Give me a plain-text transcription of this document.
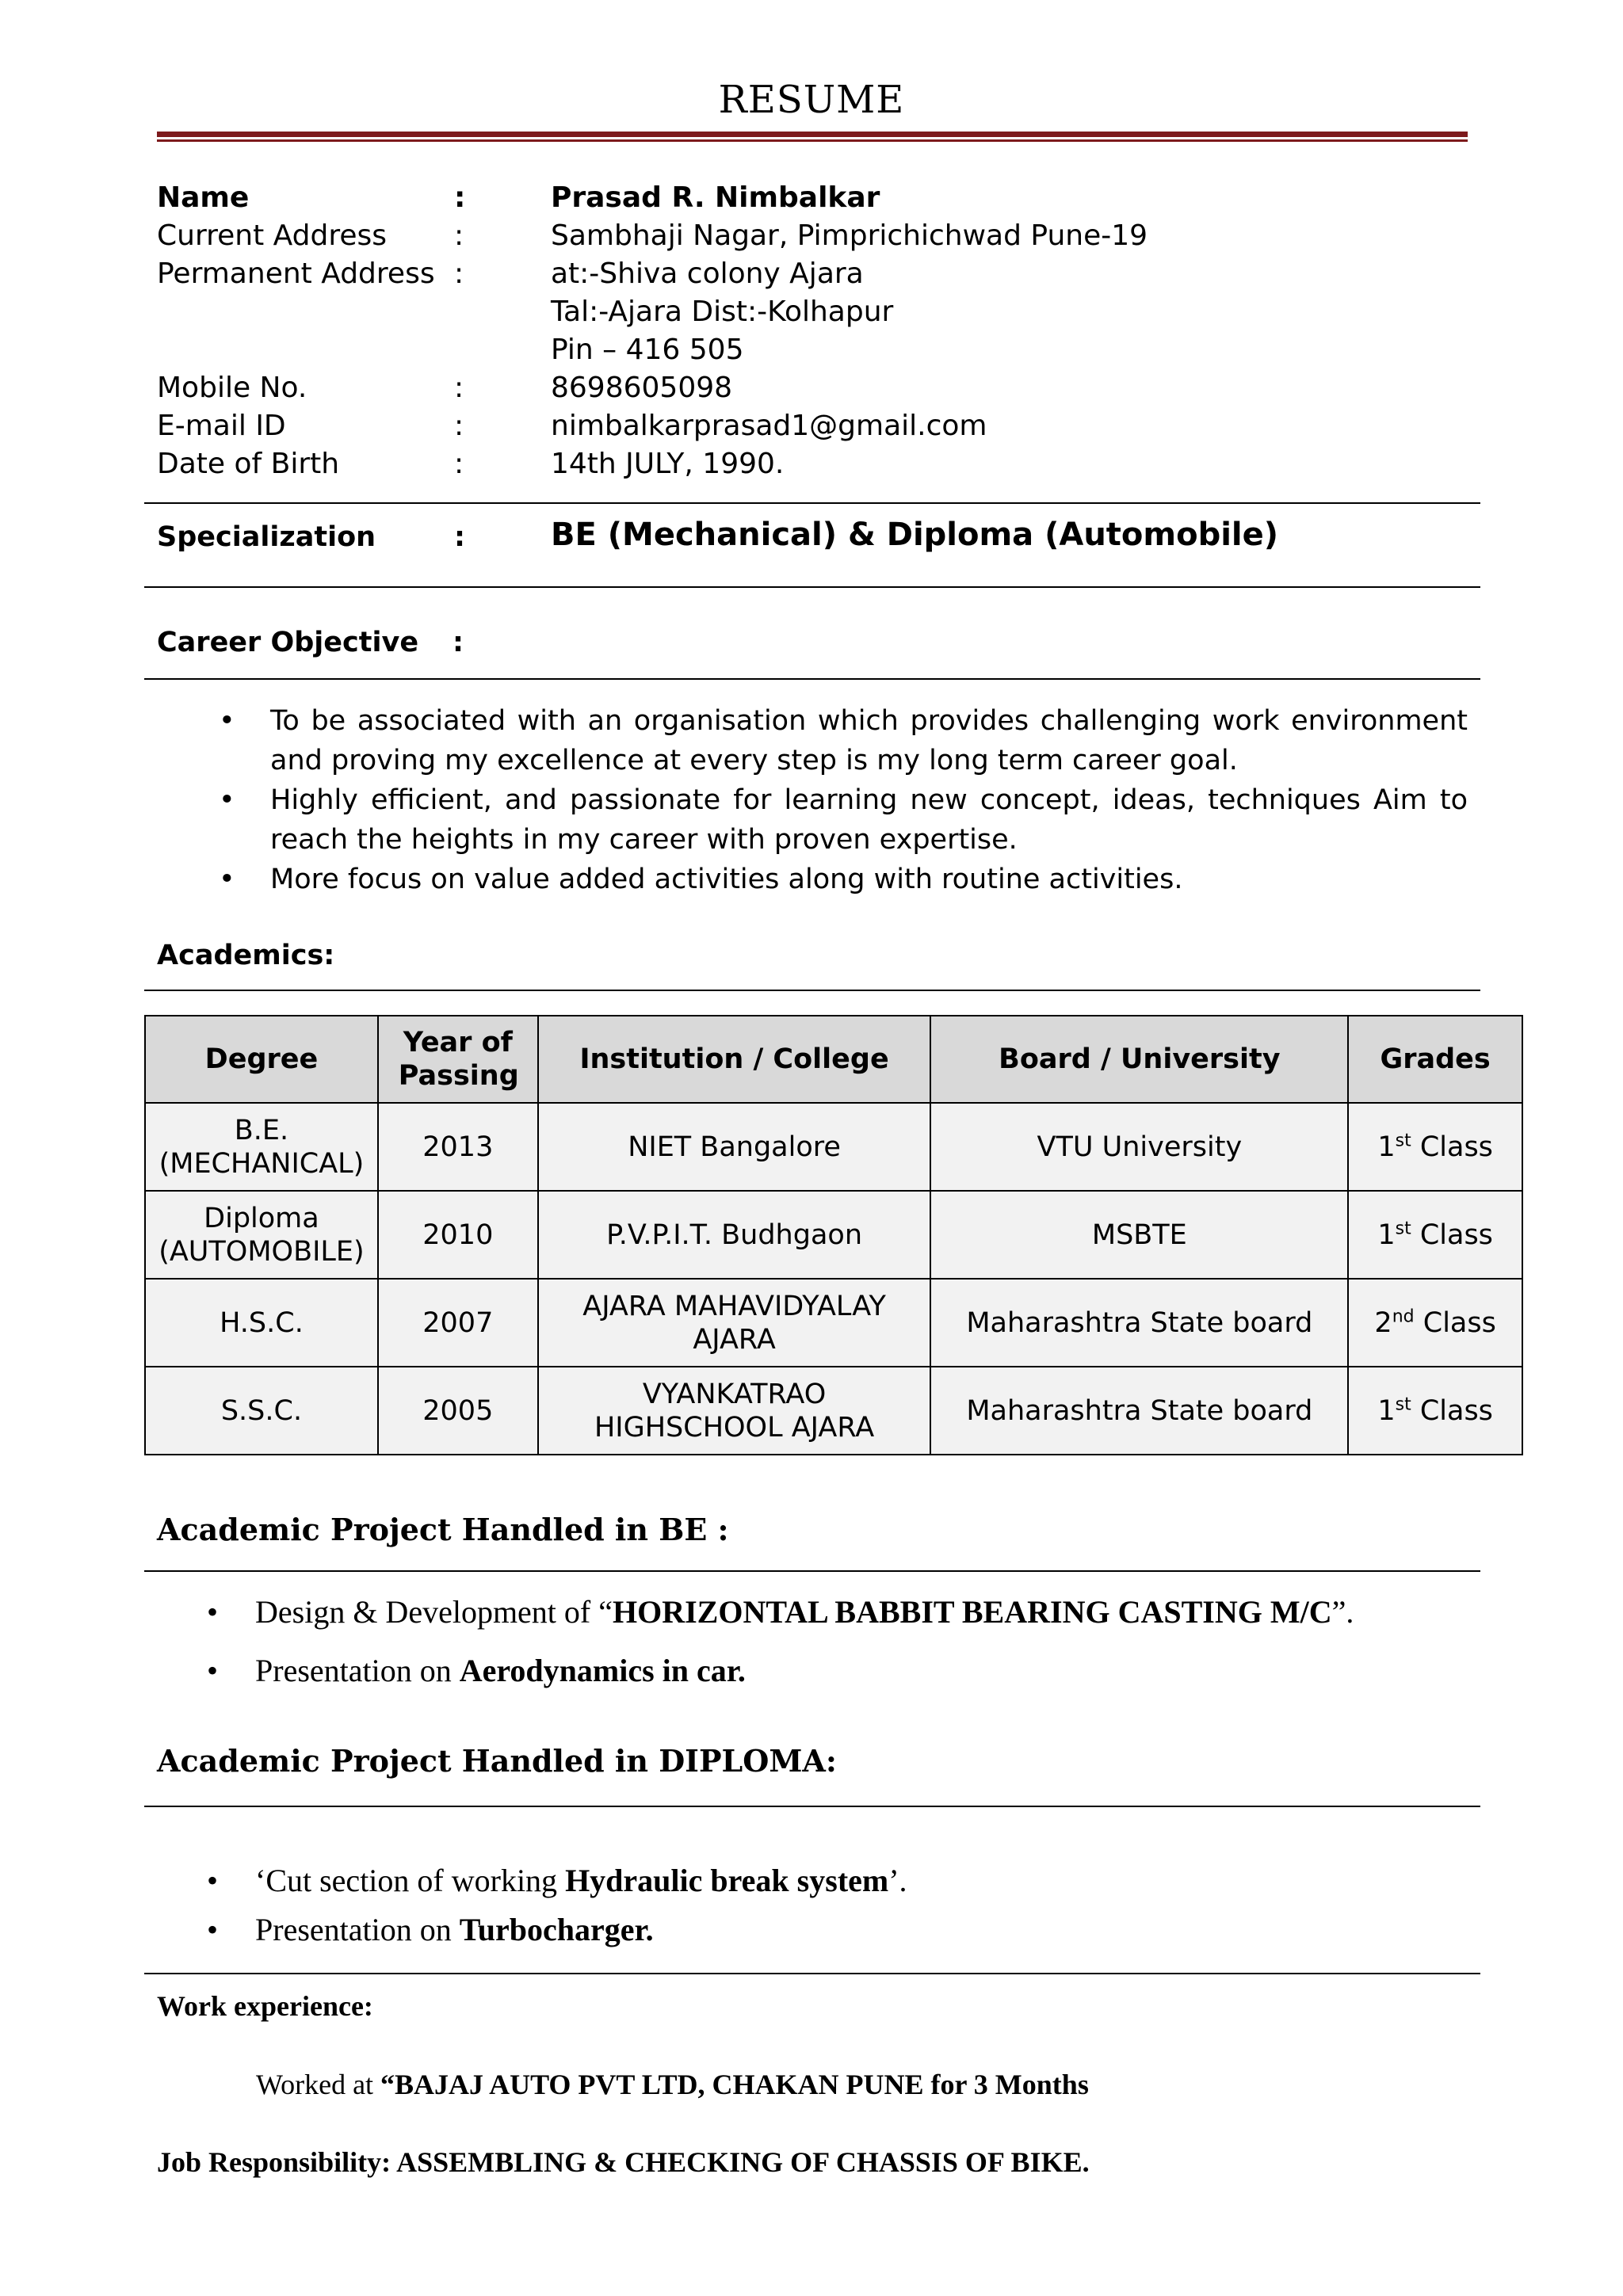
RESUME
Name	:	Prasad R. Nimbalkar
Current Address :	Sambhaji Nagar, Pimprichichwad Pune-19
Permanent Address :	at:-Shiva colony Ajara
Tal:-Ajara Dist:-Kolhapur
Pin – 416 505
Mobile No.	:	8698605098
E-mail ID	:	nimbalkarprasad1@gmail.com
Date of Birth	:	14th JULY, 1990.
Specialization	:	BE (Mechanical) & Diploma (Automobile)
Career Objective :
• To be associated with an organisation which provides challenging work environment and proving my excellence at every step is my long term career goal.
• Highly efficient, and passionate for learning new concept, ideas, techniques Aim to reach the heights in my career with proven expertise.
• More focus on value added activities along with routine activities.
Academics:
Degree	Year of Passing	Institution / College	Board / University	Grades

B.E. (MECHANICAL)	2013	NIET Bangalore	VTU University	1st Class

Diploma (AUTOMOBILE)	2010	P.V.P.I.T. Budhgaon	MSBTE	1st Class
H.S.C.	2007	AJARA MAHAVIDYALAY AJARA	Maharashtra State board	2nd Class
S.S.C.	2005	VYANKATRAO HIGHSCHOOL AJARA	Maharashtra State board	1st Class
Academic Project Handled in BE :
• Design & Development of “HORIZONTAL BABBIT BEARING CASTING M/C”.
• Presentation on Aerodynamics in car.
Academic Project Handled in DIPLOMA:
• ‘Cut section of working Hydraulic break system’.
• Presentation on Turbocharger.
Work experience:
Worked at “BAJAJ AUTO PVT LTD, CHAKAN PUNE for 3 Months
Job Responsibility: ASSEMBLING & CHECKING OF CHASSIS OF BIKE.
